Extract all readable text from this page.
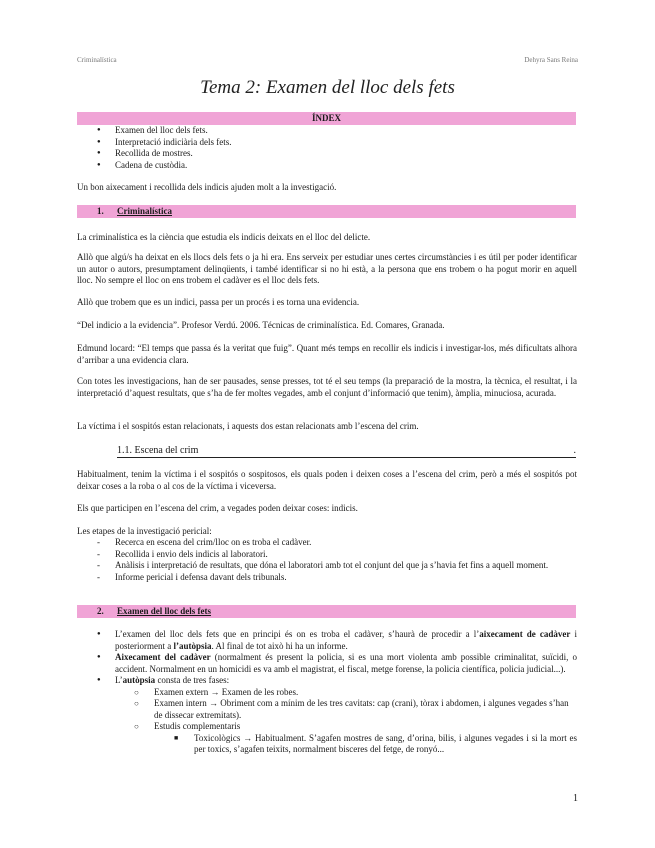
Criminalística	Dehyra Sans Reina
Tema 2: Examen del lloc dels fets
ÍNDEX
● Examen del lloc dels fets.
● Interpretació indiciària dels fets.
● Recollida de mostres.
● Cadena de custòdia.
Un bon aixecament i recollida dels indicis ajuden molt a la investigació.
1. Criminalística
La criminalística es la ciència que estudia els indicis deixats en el lloc del delicte.
Allò que algú/s ha deixat en els llocs dels fets o ja hi era. Ens serveix per estudiar unes certes circumstàncies i es útil per poder identificar un autor o autors, presumptament delinqüents, i també identificar si no hi està, a la persona que ens trobem o ha pogut morir en aquell lloc. No sempre el lloc on ens trobem el cadàver es el lloc dels fets.
Allò que trobem que es un indici, passa per un procés i es torna una evidencia.
“Del indicio a la evidencia”. Profesor Verdú. 2006. Técnicas de criminalística. Ed. Comares, Granada.
Edmund locard: “El temps que passa és la veritat que fuig”. Quant més temps en recollir els indicis i investigar-los, més dificultats alhora d’arribar a una evidencia clara.
Con totes les investigacions, han de ser pausades, sense presses, tot té el seu temps (la preparació de la mostra, la tècnica, el resultat, i la interpretació d’aquest resultats, que s’ha de fer moltes vegades, amb el conjunt d’informació que tenim), àmplia, minuciosa, acurada.
La víctima i el sospitós estan relacionats, i aquests dos estan relacionats amb l’escena del crim.
1.1. Escena del crim	.
Habitualment, tenim la víctima i el sospitós o sospitosos, els quals poden i deixen coses a l’escena del crim, però a més el sospitós pot deixar coses a la roba o al cos de la víctima i viceversa.
Els que participen en l’escena del crim, a vegades poden deixar coses: indicis.
Les etapes de la investigació pericial:
- Recerca en escena del crim/lloc on es troba el cadàver.
- Recollida i envio dels indicis al laboratori.
- Anàlisis i interpretació de resultats, que dóna el laboratori amb tot el conjunt del que ja s’havia fet fins a aquell moment.
- Informe pericial i defensa davant dels tribunals.
2. Examen del lloc dels fets
● L’examen del lloc dels fets que en principi és on es troba el cadàver, s’haurà de procedir a l’aixecament de cadàver i posteriorment a l’autòpsia. Al final de tot això hi ha un informe.
● Aixecament del cadàver (normalment és present la policia, si es una mort violenta amb possible criminalitat, suïcidi, o accident. Normalment en un homicidi es va amb el magistrat, el fiscal, metge forense, la policia científica, policia judicial...).
● L’autòpsia consta de tres fases:
○ Examen extern → Examen de les robes.
○ Examen intern → Obriment com a mínim de les tres cavitats: cap (crani), tòrax i abdomen, i algunes vegades s’han de dissecar extremitats).
○ Estudis complementaris
■ Toxicològics → Habitualment. S’agafen mostres de sang, d’orina, bilis, i algunes vegades i si la mort es per toxics, s’agafen teixits, normalment bisceres del fetge, de ronyó...
1
